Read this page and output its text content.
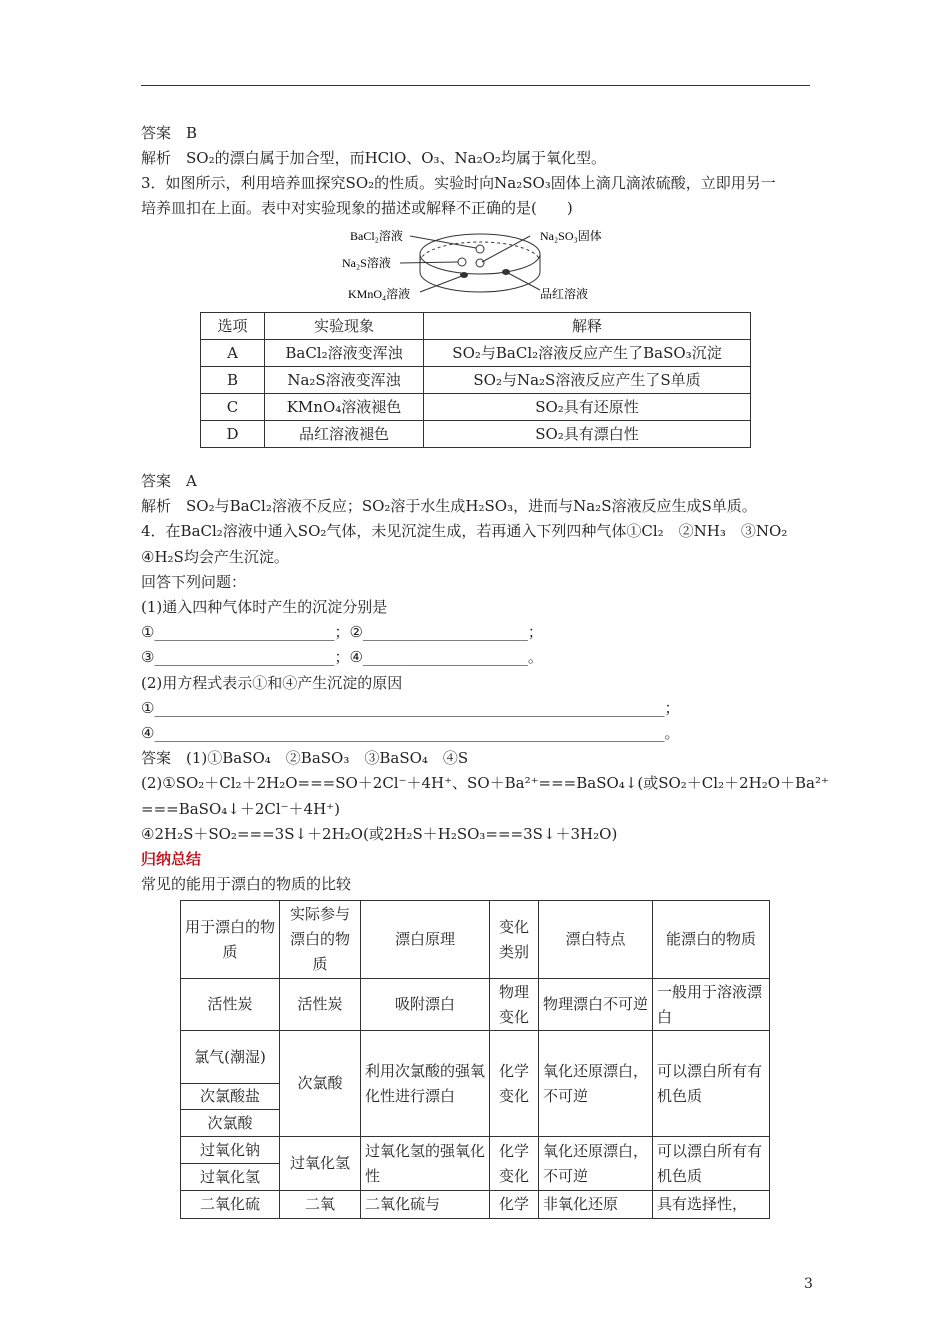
答案　B
解析　SO₂的漂白属于加合型，而HClO、O₃、Na₂O₂均属于氧化型。
3．如图所示，利用培养皿探究SO₂的性质。实验时向Na₂SO₃固体上滴几滴浓硫酸，立即用另一
培养皿扣在上面。表中对实验现象的描述或解释不正确的是(　　)
BaCl₂溶液	Na₂SO₃固体
Na₂S溶液
KMnO₄溶液	品红溶液
选项	实验现象	解释
A	BaCl₂溶液变浑浊	SO₂与BaCl₂溶液反应产生了BaSO₃沉淀
B	Na₂S溶液变浑浊	SO₂与Na₂S溶液反应产生了S单质
C	KMnO₄溶液褪色	SO₂具有还原性
D	品红溶液褪色	SO₂具有漂白性
答案　A
解析　SO₂与BaCl₂溶液不反应；SO₂溶于水生成H₂SO₃，进而与Na₂S溶液反应生成S单质。
4．在BaCl₂溶液中通入SO₂气体，未见沉淀生成，若再通入下列四种气体①Cl₂　②NH₃　③NO₂
④H₂S均会产生沉淀。
回答下列问题：
(1)通入四种气体时产生的沉淀分别是
①________________________；②______________________；
③________________________；④______________________。
(2)用方程式表示①和④产生沉淀的原因
①____________________________________________________________________；
④____________________________________________________________________。
答案　(1)①BaSO₄　②BaSO₃　③BaSO₄　④S
(2)①SO₂＋Cl₂＋2H₂O===SO＋2Cl⁻＋4H⁺、SO＋Ba²⁺===BaSO₄↓(或SO₂＋Cl₂＋2H₂O＋Ba²⁺
===BaSO₄↓＋2Cl⁻＋4H⁺)
④2H₂S＋SO₂===3S↓＋2H₂O(或2H₂S＋H₂SO₃===3S↓＋3H₂O)
归纳总结
常见的能用于漂白的物质的比较
用于漂白的物质	实际参与漂白的物质	漂白原理	变化类别	漂白特点	能漂白的物质
活性炭	活性炭	吸附漂白	物理变化	物理漂白不可逆	一般用于溶液漂白
氯气(潮湿)	次氯酸	利用次氯酸的强氧化性进行漂白	化学变化	氧化还原漂白，不可逆	可以漂白所有有机色质
次氯酸盐					
次氯酸					
过氧化钠	过氧化氢	过氧化氢的强氧化性	化学变化	氧化还原漂白，不可逆	可以漂白所有有机色质
过氧化氢					
二氧化硫	二氧	二氧化硫与	化学	非氧化还原	具有选择性，
3
